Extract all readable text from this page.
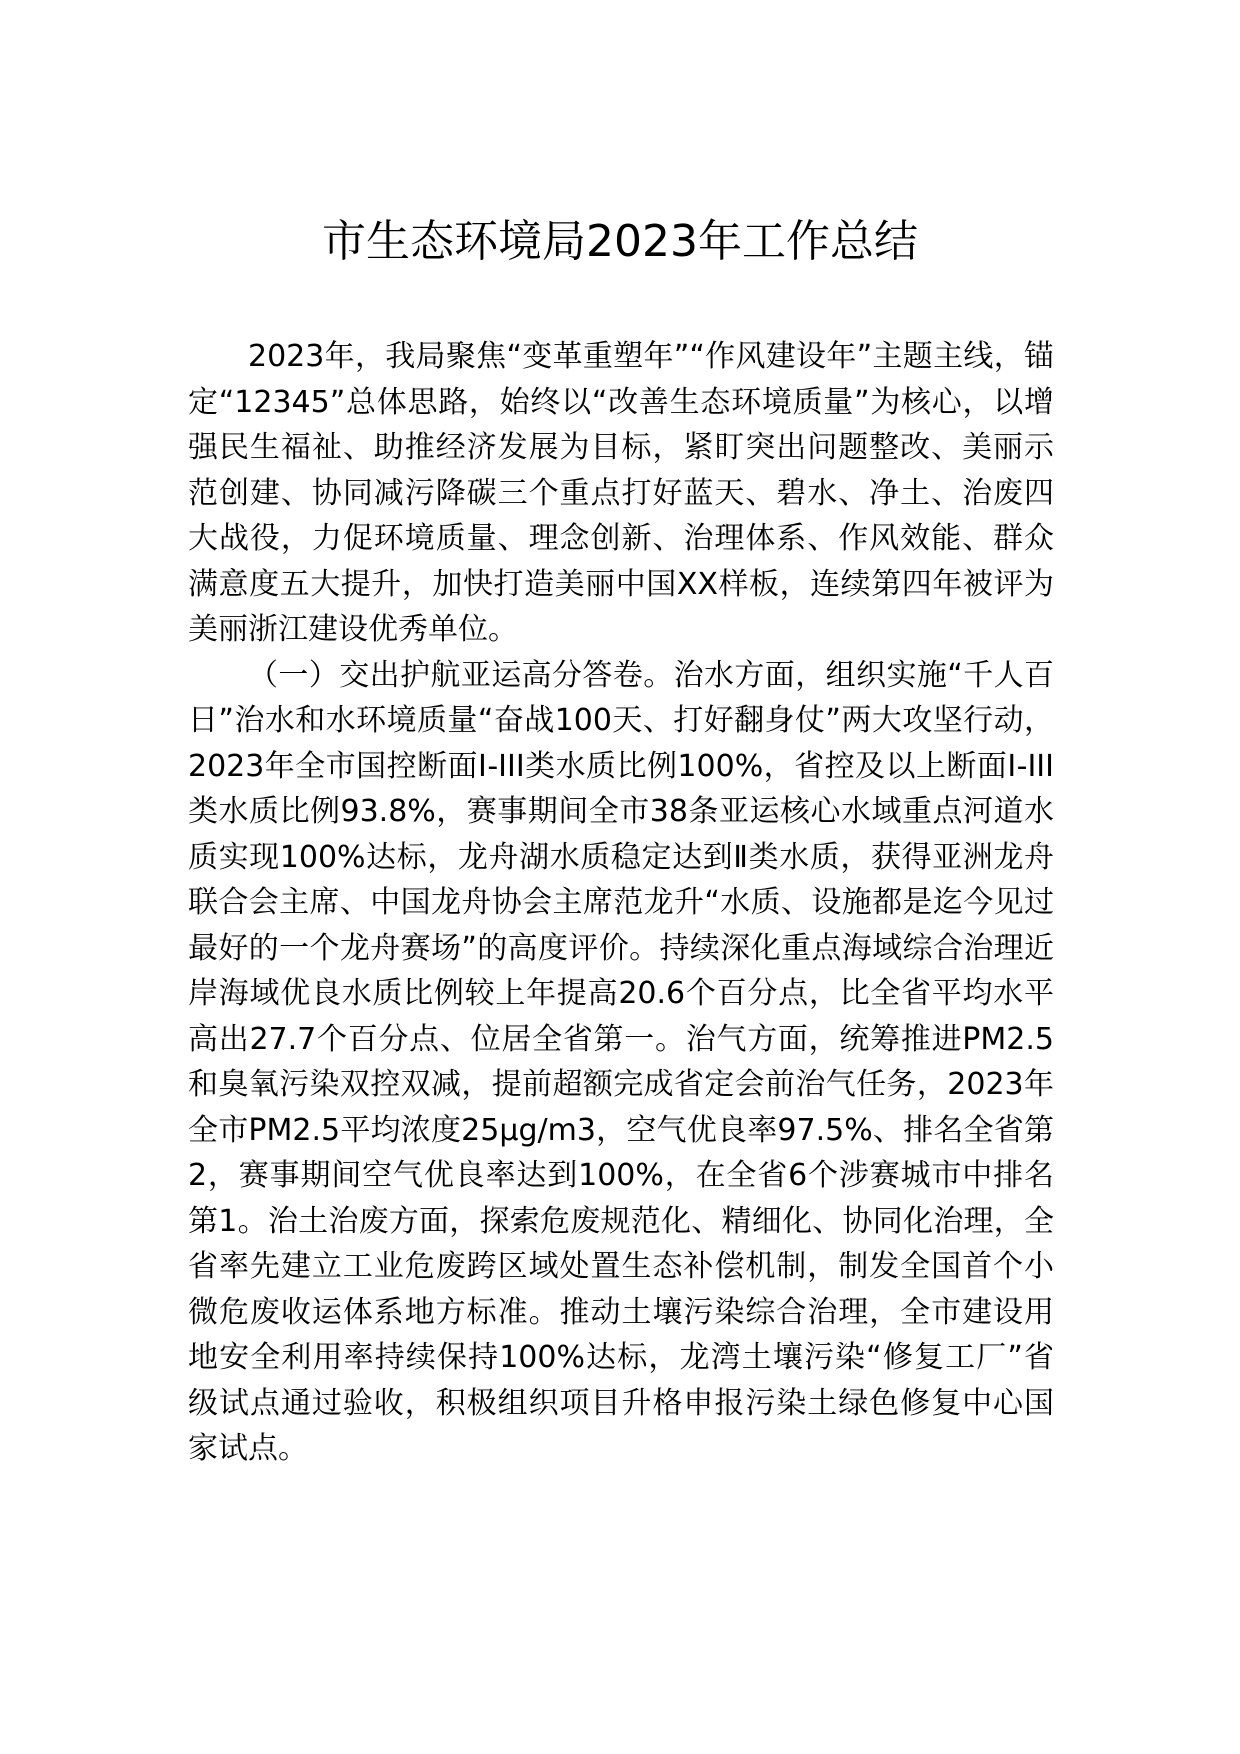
市生态环境局2023年工作总结

2023年，我局聚焦“变革重塑年”“作风建设年”主题主线，锚定“12345”总体思路，始终以“改善生态环境质量”为核心，以增强民生福祉、助推经济发展为目标，紧盯突出问题整改、美丽示范创建、协同减污降碳三个重点打好蓝天、碧水、净土、治废四大战役，力促环境质量、理念创新、治理体系、作风效能、群众满意度五大提升，加快打造美丽中国XX样板，连续第四年被评为美丽浙江建设优秀单位。

（一）交出护航亚运高分答卷。治水方面，组织实施“千人百日”治水和水环境质量“奋战100天、打好翻身仗”两大攻坚行动，2023年全市国控断面Ⅰ-III类水质比例100%，省控及以上断面Ⅰ-III类水质比例93.8%，赛事期间全市38条亚运核心水域重点河道水质实现100%达标，龙舟湖水质稳定达到Ⅱ类水质，获得亚洲龙舟联合会主席、中国龙舟协会主席范龙升“水质、设施都是迄今见过最好的一个龙舟赛场”的高度评价。持续深化重点海域综合治理近岸海域优良水质比例较上年提高20.6个百分点，比全省平均水平高出27.7个百分点、位居全省第一。治气方面，统筹推进PM2.5和臭氧污染双控双减，提前超额完成省定会前治气任务，2023年全市PM2.5平均浓度25μg/m3，空气优良率97.5%、排名全省第2，赛事期间空气优良率达到100%，在全省6个涉赛城市中排名第1。治土治废方面，探索危废规范化、精细化、协同化治理，全省率先建立工业危废跨区域处置生态补偿机制，制发全国首个小微危废收运体系地方标准。推动土壤污染综合治理，全市建设用地安全利用率持续保持100%达标，龙湾土壤污染“修复工厂”省级试点通过验收，积极组织项目升格申报污染土绿色修复中心国家试点。
